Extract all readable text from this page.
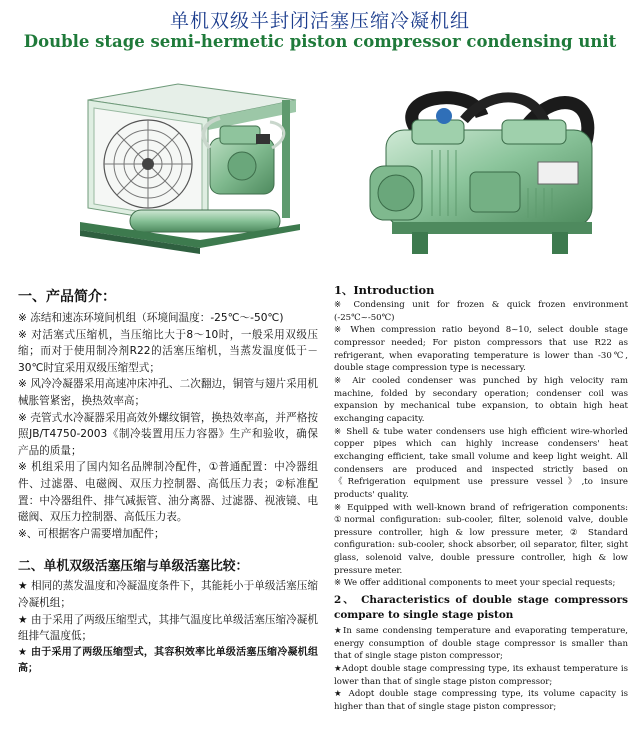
单机双级半封闭活塞压缩冷凝机组
Double stage semi-hermetic piston compressor condensing unit
一、产品简介：

※ 冻结和速冻环境间机组（环境间温度：-25℃～-50℃)

※ 对活塞式压缩机，当压缩比大于8～10时，一般采用双级压缩；而对于使用制冷剂R22的活塞压缩机，当蒸发温度低于－30℃时宜采用双级压缩型式；

※ 风冷冷凝器采用高速冲床冲孔、二次翻边，铜管与翅片采用机械胀管紧密，换热效率高；

※ 壳管式水冷凝器采用高效外螺纹铜管，换热效率高，并严格按照JB/T4750-2003《制冷装置用压力容器》生产和验收，确保产品的质量；

※ 机组采用了国内知名品牌制冷配件，①普通配置：中冷器组件、过滤器、电磁阀、双压力控制器、高低压力表；②标准配置：中冷器组件、排气减振管、油分离器、过滤器、视液镜、电磁阀、双压力控制器、高低压力表。

※、可根据客户需要增加配件；

二、单机双级活塞压缩与单级活塞比较：

★ 相同的蒸发温度和冷凝温度条件下，其能耗小于单级活塞压缩冷凝机组；

★ 由于采用了两级压缩型式，其排气温度比单级活塞压缩冷凝机组排气温度低；

★ 由于采用了两级压缩型式，其容积效率比单级活塞压缩冷凝机组高；

1、Introduction

※ Condensing unit for frozen & quick frozen environment (-25℃~-50℃)

※ When compression ratio beyond 8~10, select double stage compressor needed; For piston compressors that use R22 as refrigerant, when evaporating temperature is lower than -30℃, double stage compression type is necessary.

※ Air cooled condenser was punched by high velocity ram machine, folded by secondary operation; condenser coil was expansion by mechanical tube expansion, to obtain high heat exchanging capacity.

※ Shell & tube water condensers use high efficient wire-whorled copper pipes which can highly increase condensers' heat exchanging efficient, take small volume and keep light weight. All condensers are produced and inspected strictly based on 《Refrigeration equipment use pressure vessel》,to insure products' quality.

※ Equipped with well-known brand of refrigeration components: ①normal configuration: sub-cooler, filter, solenoid valve, double pressure controller, high & low pressure meter, ② Standard configuration: sub-cooler, shock absorber, oil separator, filter, sight glass, solenoid valve, double pressure controller, high & low pressure meter.

※ We offer additional components to meet your special requests;

2、 Characteristics of double stage compressors compare to single stage piston

★In same condensing temperature and evaporating temperature, energy consumption of double stage compressor is smaller than that of single stage piston compressor;

★Adopt double stage compressing type, its exhaust temperature is lower than that of single stage piston compressor;

★ Adopt double stage compressing type, its volume capacity is higher than that of single stage piston compressor;
